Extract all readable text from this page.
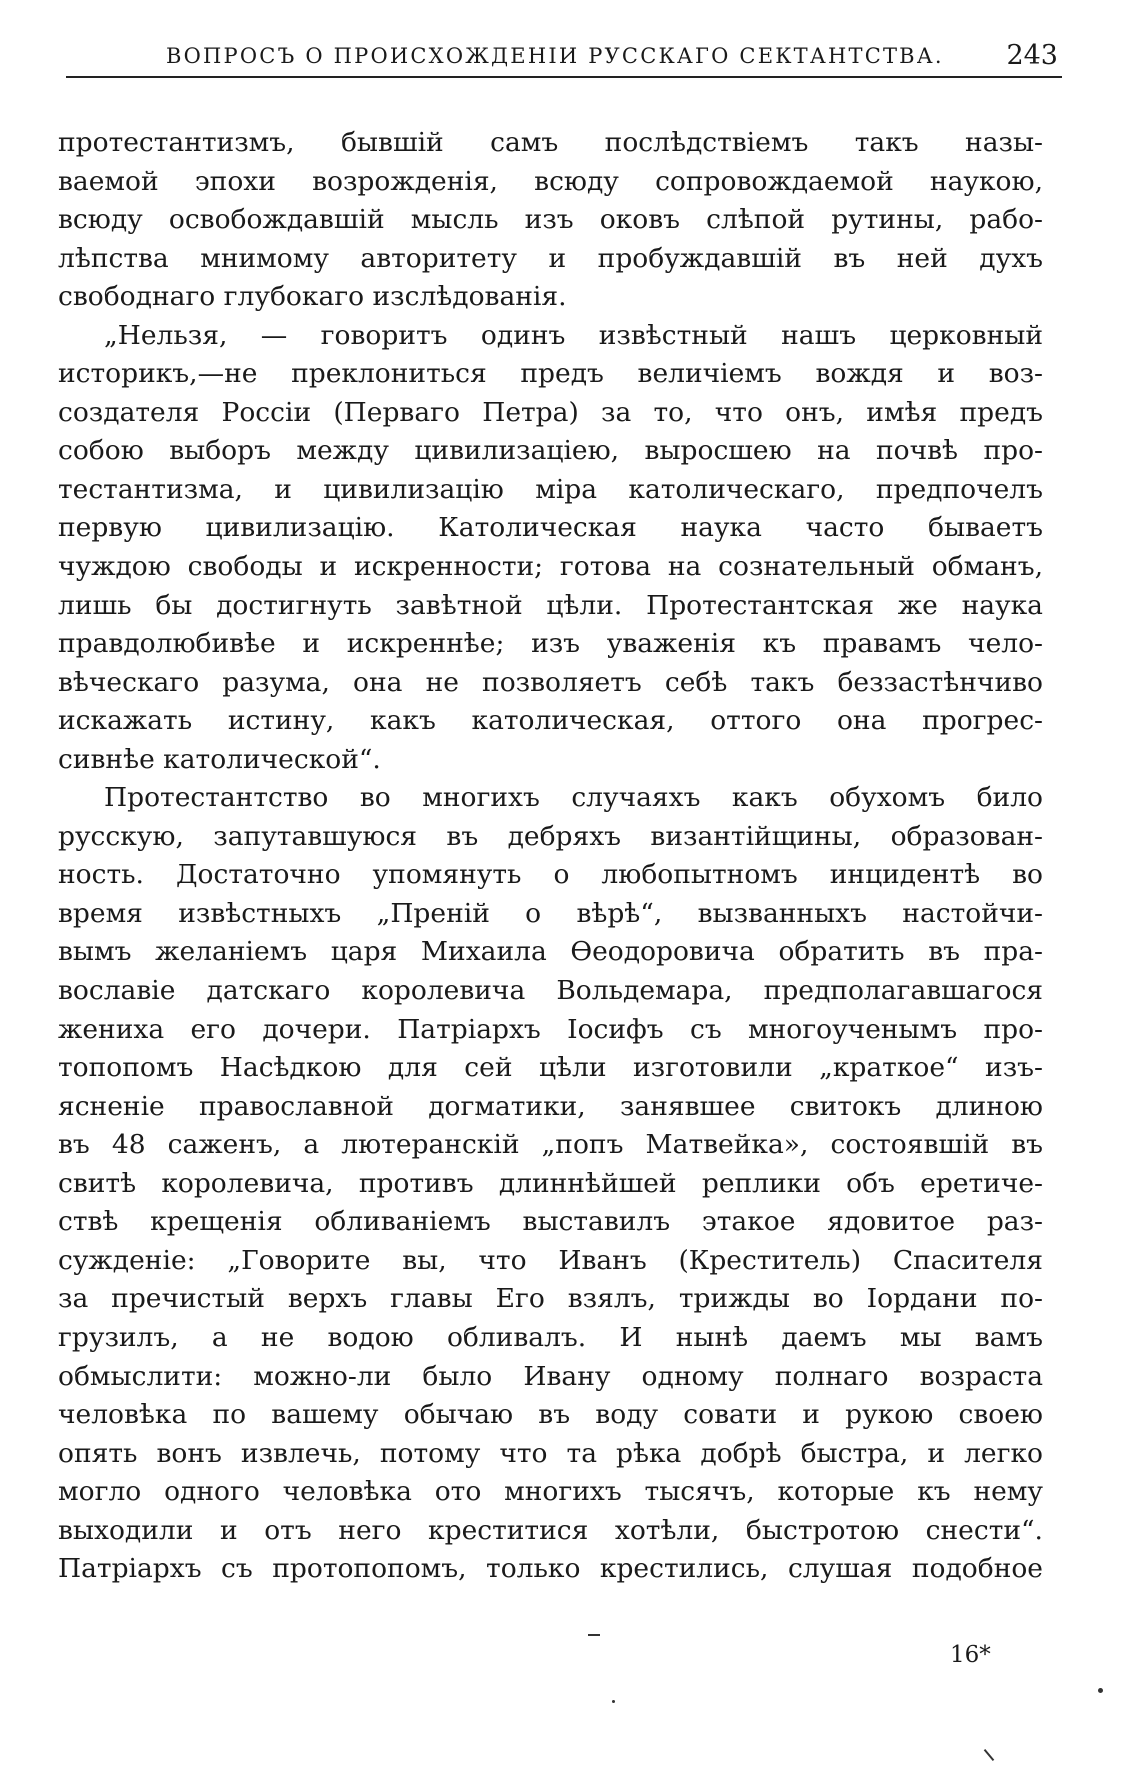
ВОПРОСЪ О ПРОИСХОЖДЕНІИ РУССКАГО СЕКТАНТСТВА. 243
протестантизмъ, бывшій самъ послѣдствіемъ такъ назы-
ваемой эпохи возрожденія, всюду сопровождаемой наукою,
всюду освобождавшій мысль изъ оковъ слѣпой рутины, рабо-
лѣпства мнимому авторитету и пробуждавшій въ ней духъ
свободнаго глубокаго изслѣдованія.
„Нельзя, — говоритъ одинъ извѣстный нашъ церковный
историкъ,—не преклониться предъ величіемъ вождя и воз-
создателя Россіи (Перваго Петра) за то, что онъ, имѣя предъ
собою выборъ между цивилизаціею, выросшею на почвѣ про-
тестантизма, и цивилизацію міра католическаго, предпочелъ
первую цивилизацію. Католическая наука часто бываетъ
чуждою свободы и искренности; готова на сознательный обманъ,
лишь бы достигнуть завѣтной цѣли. Протестантская же наука
правдолюбивѣе и искреннѣе; изъ уваженія къ правамъ чело-
вѣческаго разума, она не позволяетъ себѣ такъ беззастѣнчиво
искажать истину, какъ католическая, оттого она прогрес-
сивнѣе католической“.
Протестантство во многихъ случаяхъ какъ обухомъ било
русскую, запутавшуюся въ дебряхъ византійщины, образован-
ность. Достаточно упомянуть о любопытномъ инцидентѣ во
время извѣстныхъ „Преній о вѣрѣ“, вызванныхъ настойчи-
вымъ желаніемъ царя Михаила Ѳеодоровича обратить въ пра-
вославіе датскаго королевича Вольдемара, предполагавшагося
жениха его дочери. Патріархъ Іосифъ съ многоученымъ про-
топопомъ Насѣдкою для сей цѣли изготовили „краткое“ изъ-
ясненіе православной догматики, занявшее свитокъ длиною
въ 48 саженъ, а лютеранскій „попъ Матвейка», состоявшій въ
свитѣ королевича, противъ длиннѣйшей реплики объ еретиче-
ствѣ крещенія обливаніемъ выставилъ этакое ядовитое раз-
сужденіе: „Говорите вы, что Иванъ (Креститель) Спасителя
за пречистый верхъ главы Его взялъ, трижды во Іордани по-
грузилъ, а не водою обливалъ. И нынѣ даемъ мы вамъ
обмыслити: можно-ли было Ивану одному полнаго возраста
человѣка по вашему обычаю въ воду совати и рукою своею
опять вонъ извлечь, потому что та рѣка добрѣ быстра, и легко
могло одного человѣка ото многихъ тысячъ, которые къ нему
выходили и отъ него креститися хотѣли, быстротою снести“.
Патріархъ съ протопопомъ, только крестились, слушая подобное
16*
